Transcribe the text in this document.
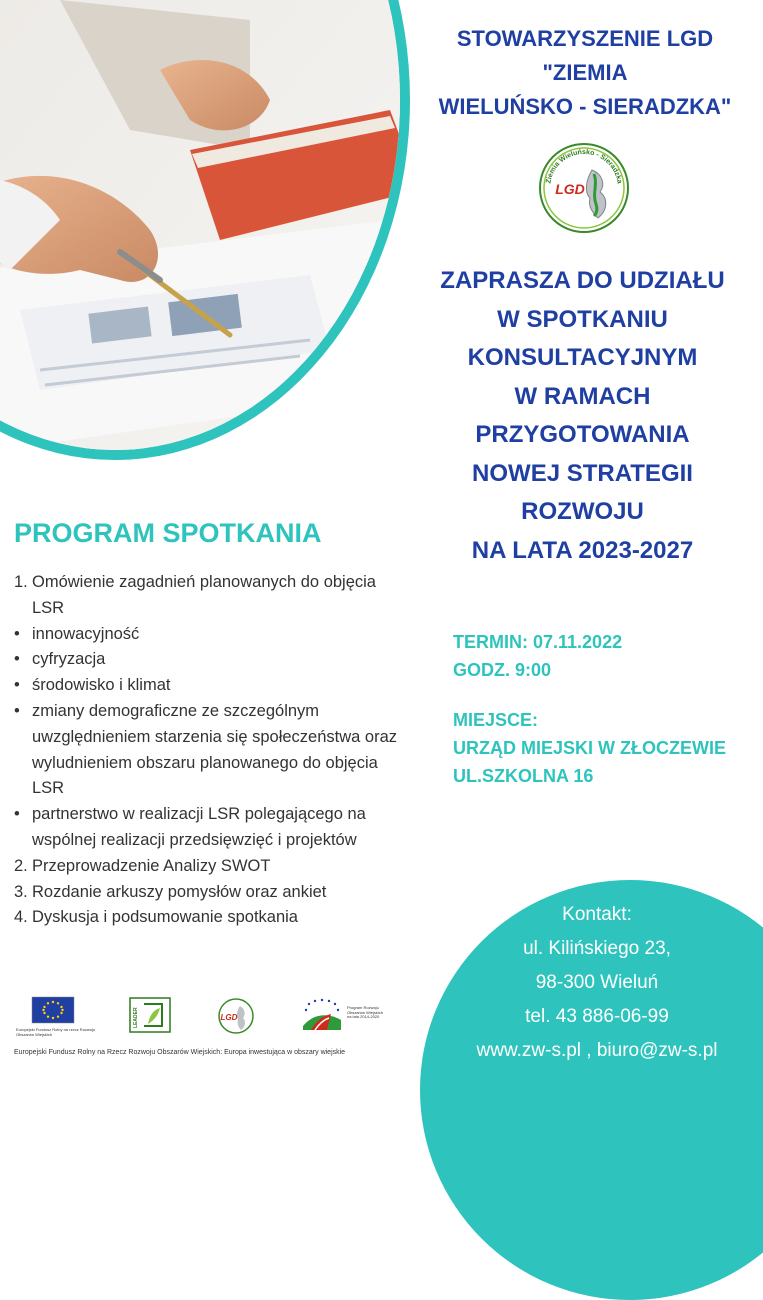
STOWARZYSZENIE LGD
"ZIEMIA
WIELUŃSKO - SIERADZKA"
Ziemia Wieluńsko - Sieradzka
LGD
ZAPRASZA DO UDZIAŁU
W SPOTKANIU
KONSULTACYJNYM
W RAMACH
PRZYGOTOWANIA
NOWEJ STRATEGII
ROZWOJU
NA LATA 2023-2027
TERMIN: 07.11.2022
GODZ. 9:00
MIEJSCE:
URZĄD MIEJSKI W ZŁOCZEWIE
UL.SZKOLNA 16
PROGRAM SPOTKANIA
1. Omówienie zagadnień planowanych do objęcia LSR
• innowacyjność
• cyfryzacja
• środowisko i klimat
• zmiany demograficzne ze szczególnym uwzględnieniem starzenia się społeczeństwa oraz wyludnieniem obszaru planowanego do objęcia LSR
• partnerstwo w realizacji LSR polegającego na wspólnej realizacji przedsięwzięć i projektów
2. Przeprowadzenie Analizy SWOT
3. Rozdanie arkuszy pomysłów oraz ankiet
4. Dyskusja i podsumowanie spotkania	Kontakt:
ul. Kilińskiego 23,
98-300 Wieluń
tel. 43 886-06-99
www.zw-s.pl , biuro@zw-s.pl
Europejski Fundusz Rolny na rzecz Rozwoju Obszarów Wiejskich
LEADER	LGD
Program Rozwoju Obszarów Wiejskich na lata 2014-2020
Europejski Fundusz Rolny na Rzecz Rozwoju Obszarów Wiejskich: Europa inwestująca w obszary wiejskie
